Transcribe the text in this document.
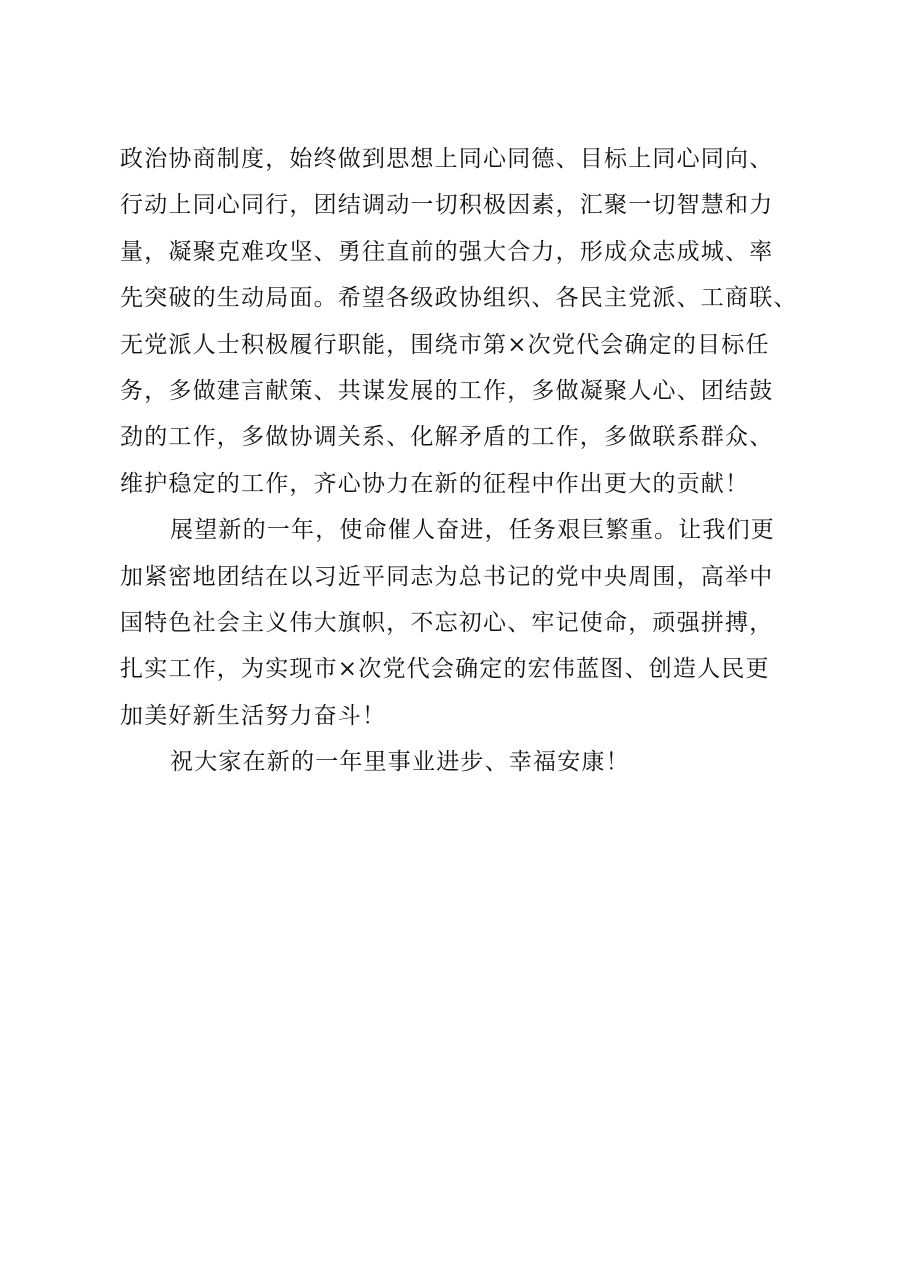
政治协商制度，始终做到思想上同心同德、目标上同心同向、
行动上同心同行，团结调动一切积极因素，汇聚一切智慧和力
量，凝聚克难攻坚、勇往直前的强大合力，形成众志成城、率
先突破的生动局面。希望各级政协组织、各民主党派、工商联、
无党派人士积极履行职能，围绕市第×次党代会确定的目标任
务，多做建言献策、共谋发展的工作，多做凝聚人心、团结鼓
劲的工作，多做协调关系、化解矛盾的工作，多做联系群众、
维护稳定的工作，齐心协力在新的征程中作出更大的贡献！
展望新的一年，使命催人奋进，任务艰巨繁重。让我们更
加紧密地团结在以习近平同志为总书记的党中央周围，高举中
国特色社会主义伟大旗帜，不忘初心、牢记使命，顽强拼搏，
扎实工作，为实现市×次党代会确定的宏伟蓝图、创造人民更
加美好新生活努力奋斗！
祝大家在新的一年里事业进步、幸福安康！
